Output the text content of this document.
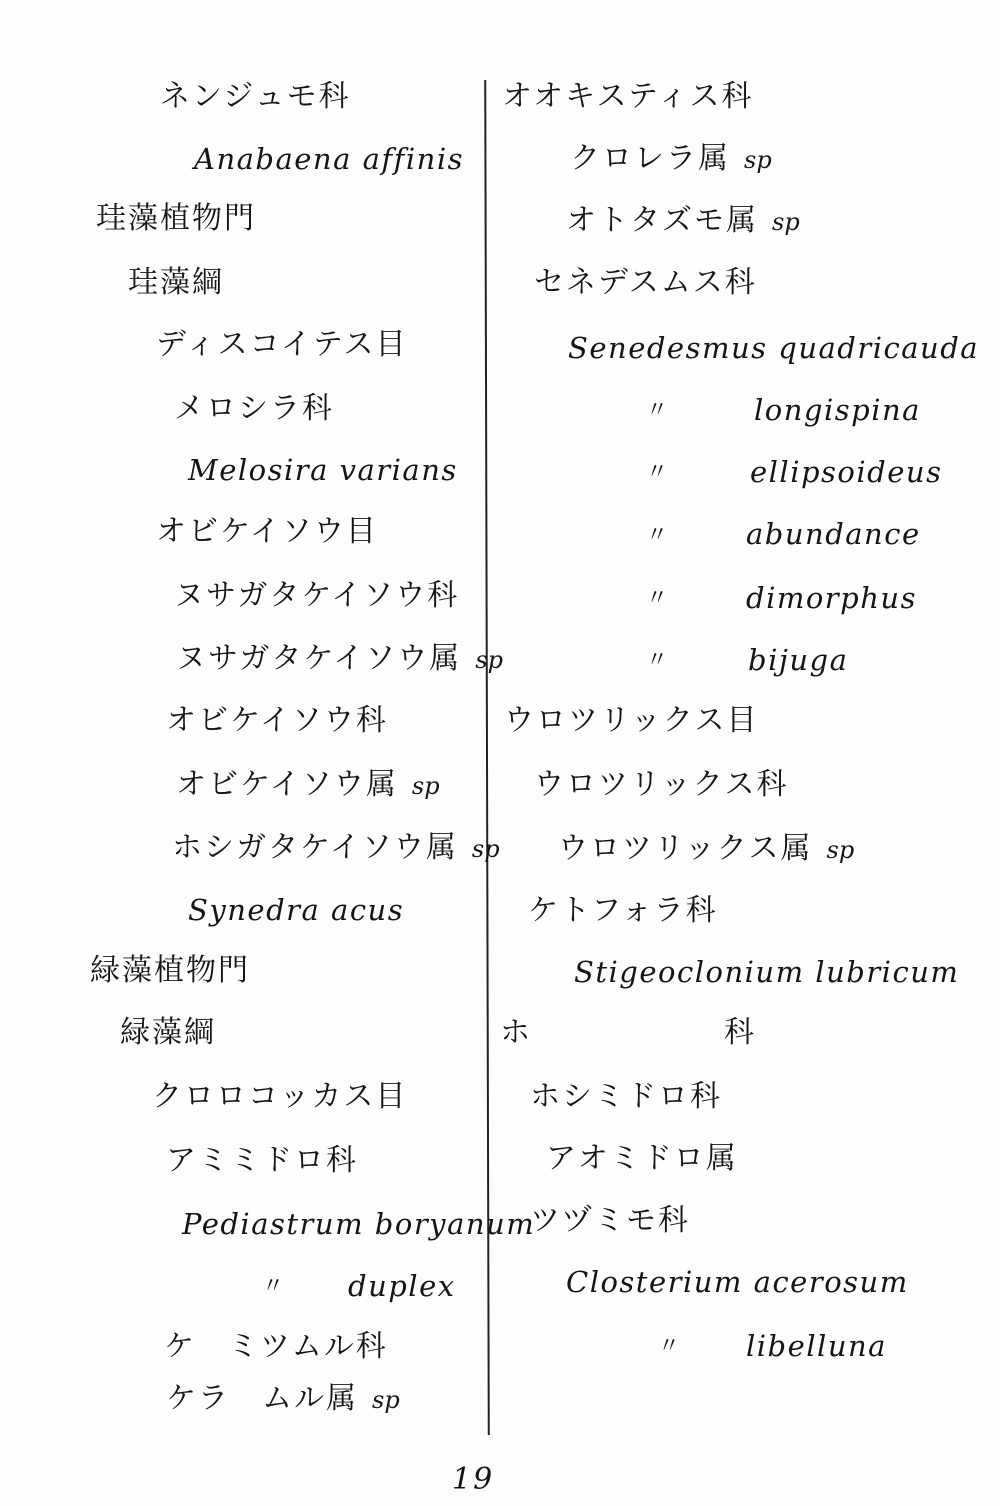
ネンジュモ科
Anabaena affinis
珪藻植物門
珪藻綱
ディスコイテス目
メロシラ科
Melosira varians
オビケイソウ目
ヌサガタケイソウ科
ヌサガタケイソウ属 sp
オビケイソウ科
オビケイソウ属 sp
ホシガタケイソウ属 sp
Synedra acus
緑藻植物門
緑藻綱
クロロコッカス目
アミミドロ科
Pediastrum boryanum
〃 duplex
ケ　ミツムル科
ケラ　ムル属 sp
オオキスティス科
クロレラ属 sp
オトタズモ属 sp
セネデスムス科
Senedesmus quadricauda
〃	longispina
〃	ellipsoideus
〃	abundance
〃	dimorphus
〃	bijuga
ウロツリックス目
ウロツリックス科
ウロツリックス属 sp
ケトフォラ科
Stigeoclonium lubricum
ホ　　　　　　科
ホシミドロ科
アオミドロ属
ツヅミモ科
Closterium acerosum
〃 libelluna
19
